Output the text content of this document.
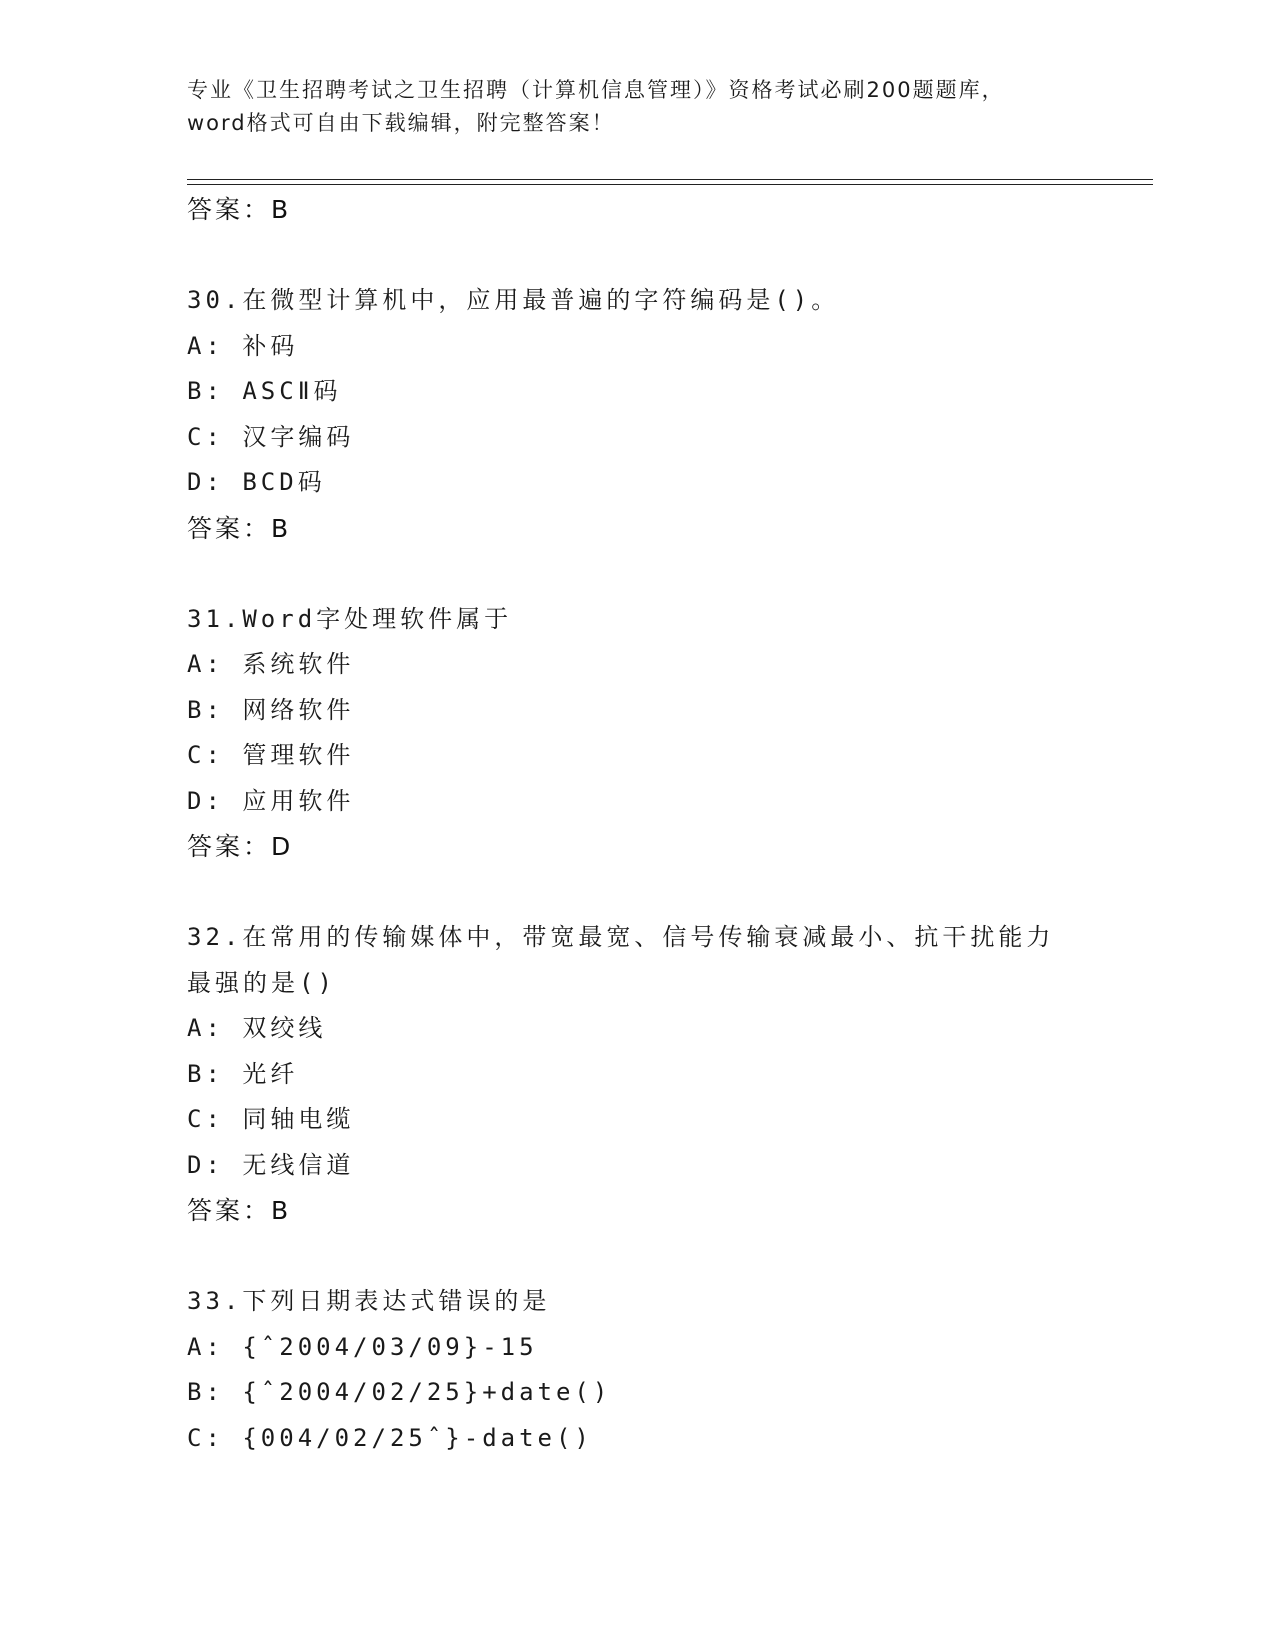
专业《卫生招聘考试之卫生招聘（计算机信息管理）》资格考试必刷200题题库，
word格式可自由下载编辑，附完整答案！
答案：B
30.在微型计算机中，应用最普遍的字符编码是()。
A: 补码
B: ASCⅡ码
C: 汉字编码
D: BCD码
答案：B
31.Word字处理软件属于
A: 系统软件
B: 网络软件
C: 管理软件
D: 应用软件
答案：D
32.在常用的传输媒体中，带宽最宽、信号传输衰减最小、抗干扰能力
最强的是()
A: 双绞线
B: 光纤
C: 同轴电缆
D: 无线信道
答案：B
33.下列日期表达式错误的是
A: {ˆ2004/03/09}-15
B: {ˆ2004/02/25}+date()
C: {004/02/25ˆ}-date()
